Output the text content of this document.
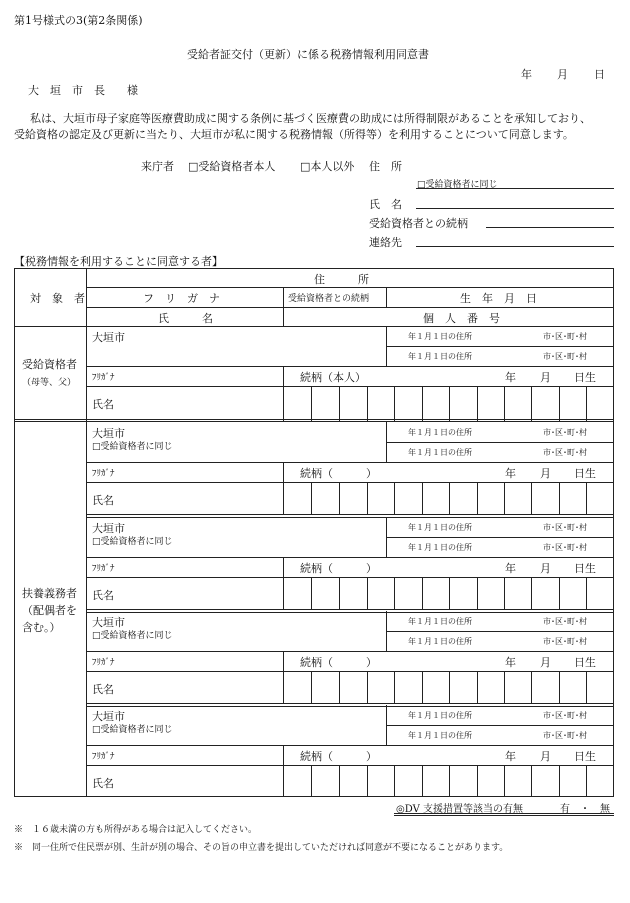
第1号様式の3(第2条関係)
受給者証交付（更新）に係る税務情報利用同意書
年 月 日
大　垣　市　長　　様
私は、大垣市母子家庭等医療費助成に関する条例に基づく医療費の助成には所得制限があることを承知しており、
受給資格の認定及び更新に当たり、大垣市が私に関する税務情報（所得等）を利用することについて同意します。
来庁者 □受給資格者本人 □本人以外 住　所
□受給資格者に同じ
氏　名
受給資格者との続柄
連絡先
【税務情報を利用することに同意する者】
対　象　者
住　　　所
フ　リ　ガ　ナ	受給資格者との続柄	生　年　月　日
氏　　　名	個　人　番　号
大垣市	年１月１日の住所	市･区･町･村
年１月１日の住所	市･区･町･村
ﾌﾘｶﾞﾅ	続柄（本人）	年 月 日生
氏名
受給資格者
（母等、父）
大垣市
□受給資格者に同じ
年１月１日の住所	市･区･町･村
年１月１日の住所	市･区･町･村
ﾌﾘｶﾞﾅ	続柄（　　　）	年 月 日生
氏名
大垣市
□受給資格者に同じ
年１月１日の住所	市･区･町･村
年１月１日の住所	市･区･町･村
ﾌﾘｶﾞﾅ	続柄（　　　）	年 月 日生
氏名
大垣市
□受給資格者に同じ
年１月１日の住所	市･区･町･村
年１月１日の住所	市･区･町･村
ﾌﾘｶﾞﾅ	続柄（　　　）	年 月 日生
氏名
大垣市
□受給資格者に同じ
年１月１日の住所	市･区･町･村
年１月１日の住所	市･区･町･村
ﾌﾘｶﾞﾅ	続柄（　　　）	年 月 日生
氏名
扶養義務者
（配偶者を
含む。）
◎DV 支援措置等該当の有無	有　・　無
※　１６歳未満の方も所得がある場合は記入してください。
※　同一住所で住民票が別、生計が別の場合、その旨の申立書を提出していただければ同意が不要になることがあります。
